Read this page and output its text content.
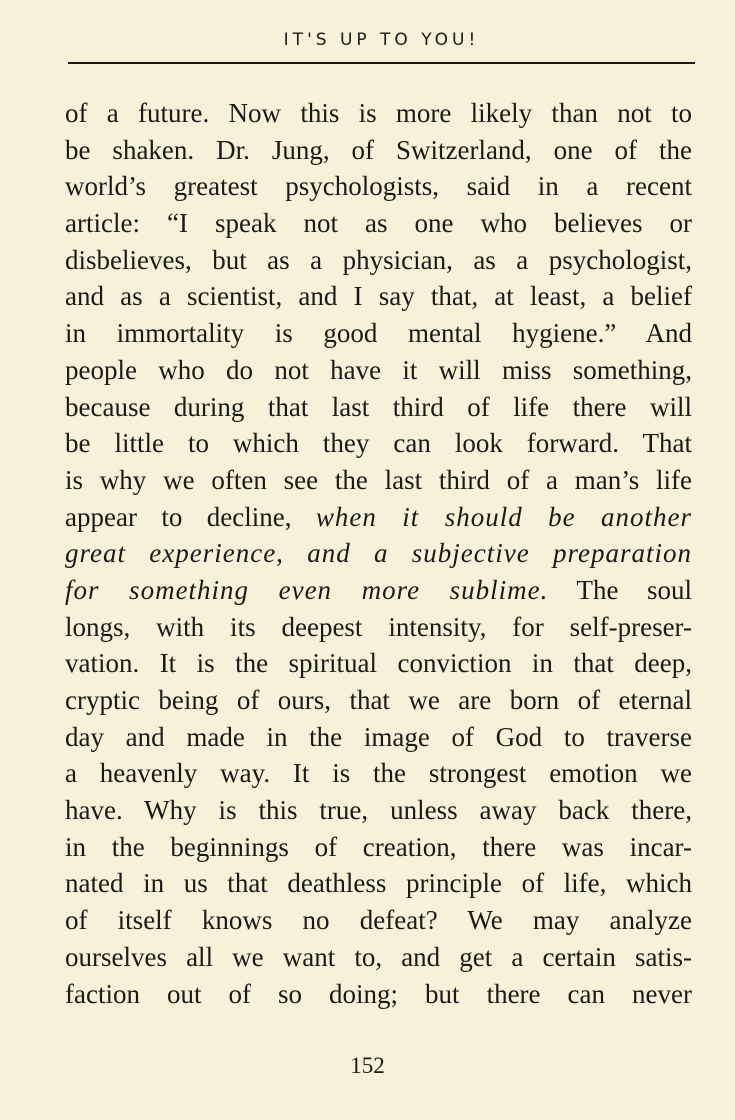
IT'S UP TO YOU!
of a future. Now this is more likely than not to
be shaken. Dr. Jung, of Switzerland, one of the
world’s greatest psychologists, said in a recent
article: “I speak not as one who believes or
disbelieves, but as a physician, as a psychologist,
and as a scientist, and I say that, at least, a belief
in immortality is good mental hygiene.” And
people who do not have it will miss something,
because during that last third of life there will
be little to which they can look forward. That
is why we often see the last third of a man’s life
appear to decline, when it should be another
great experience, and a subjective preparation
for something even more sublime. The soul
longs, with its deepest intensity, for self-preser-
vation. It is the spiritual conviction in that deep,
cryptic being of ours, that we are born of eternal
day and made in the image of God to traverse
a heavenly way. It is the strongest emotion we
have. Why is this true, unless away back there,
in the beginnings of creation, there was incar-
nated in us that deathless principle of life, which
of itself knows no defeat? We may analyze
ourselves all we want to, and get a certain satis-
faction out of so doing; but there can never
152
